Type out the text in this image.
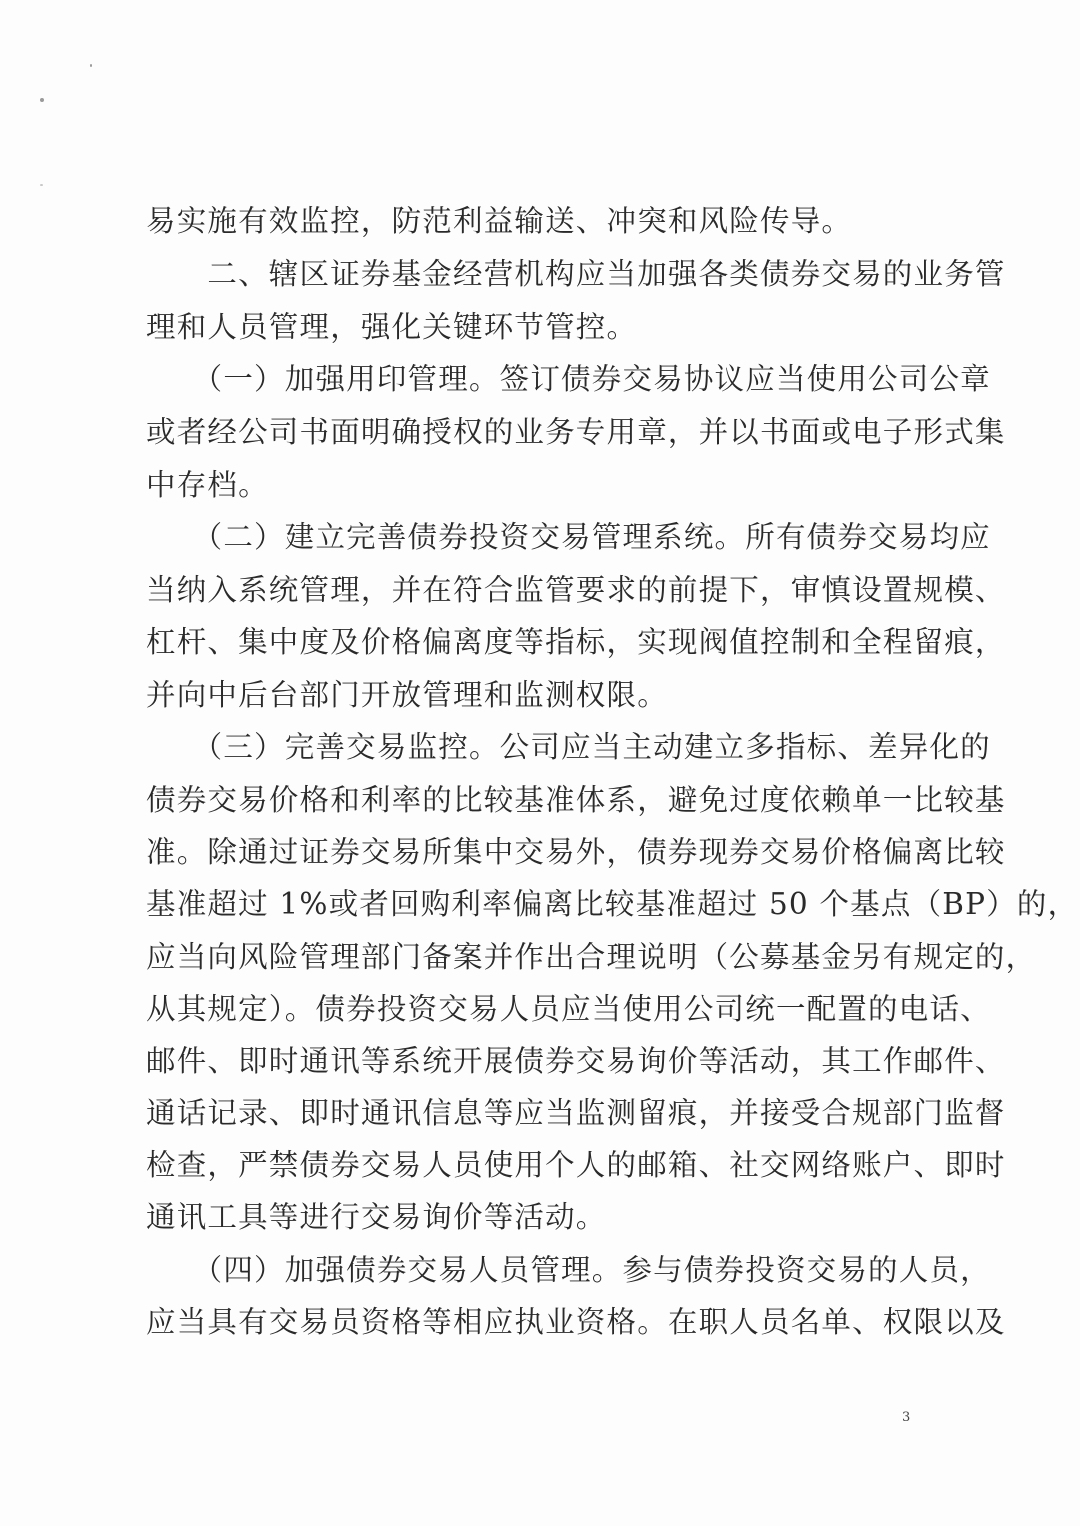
易实施有效监控，防范利益输送、冲突和风险传导。
　　二、辖区证券基金经营机构应当加强各类债券交易的业务管
理和人员管理，强化关键环节管控。
　　（一）加强用印管理。签订债券交易协议应当使用公司公章
或者经公司书面明确授权的业务专用章，并以书面或电子形式集
中存档。
　　（二）建立完善债券投资交易管理系统。所有债券交易均应
当纳入系统管理，并在符合监管要求的前提下，审慎设置规模、
杠杆、集中度及价格偏离度等指标，实现阀值控制和全程留痕，
并向中后台部门开放管理和监测权限。
　　（三）完善交易监控。公司应当主动建立多指标、差异化的
债券交易价格和利率的比较基准体系，避免过度依赖单一比较基
准。除通过证券交易所集中交易外，债券现券交易价格偏离比较
基准超过 1%或者回购利率偏离比较基准超过 50 个基点（BP）的，
应当向风险管理部门备案并作出合理说明（公募基金另有规定的，
从其规定）。债券投资交易人员应当使用公司统一配置的电话、
邮件、即时通讯等系统开展债券交易询价等活动，其工作邮件、
通话记录、即时通讯信息等应当监测留痕，并接受合规部门监督
检查，严禁债券交易人员使用个人的邮箱、社交网络账户、即时
通讯工具等进行交易询价等活动。
　　（四）加强债券交易人员管理。参与债券投资交易的人员，
应当具有交易员资格等相应执业资格。在职人员名单、权限以及
3
